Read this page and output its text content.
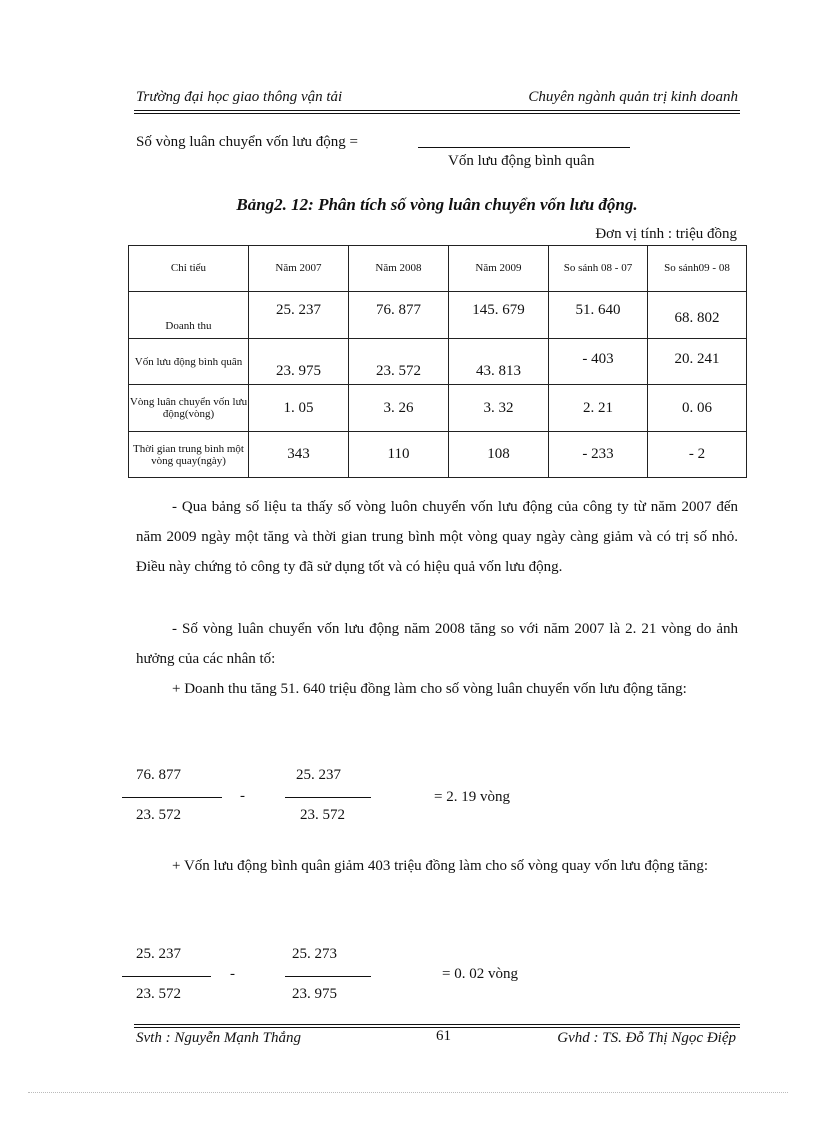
Trường đại học giao thông vận tải	Chuyên ngành quản trị kinh doanh
Số vòng luân chuyển vốn lưu động =
Vốn lưu động bình quân
Bảng2. 12: Phân tích số vòng luân chuyển vốn lưu động.
Đơn vị tính : triệu đồng
Chỉ tiểu	Năm 2007	Năm 2008	Năm 2009	So sánh 08 - 07	So sánh09 - 08
Doanh thu	25. 237	76. 877	145. 679	51. 640	68. 802
Vốn lưu động bình quân	23. 975	23. 572	43. 813	- 403	20. 241
Vòng luân chuyển vốn lưu động(vòng)	1. 05	3. 26	3. 32	2. 21	0. 06
Thời gian trung bình một vòng quay(ngày)	343	110	108	- 233	- 2
- Qua bảng số liệu ta thấy số vòng luôn chuyển vốn lưu động của công ty từ năm 2007 đến năm 2009 ngày một tăng và thời gian trung bình một vòng quay ngày càng giảm và có trị số nhỏ. Điều này chứng tỏ công ty đã sử dụng tốt và có hiệu quả vốn lưu động.
- Số vòng luân chuyển vốn lưu động năm 2008 tăng so với năm 2007 là 2. 21 vòng do ảnh hưởng của các nhân tố:
+ Doanh thu tăng 51. 640 triệu đồng làm cho số vòng luân chuyển vốn lưu động tăng:
76. 877
23. 572
-
25. 237
23. 572
= 2. 19 vòng
+ Vốn lưu động bình quân giảm 403 triệu đồng làm cho số vòng quay vốn lưu động tăng:
25. 237
23. 572
-
25. 273
23. 975
= 0. 02 vòng
Svth : Nguyễn Mạnh Thắng	61	Gvhd : TS. Đỗ Thị Ngọc Điệp
